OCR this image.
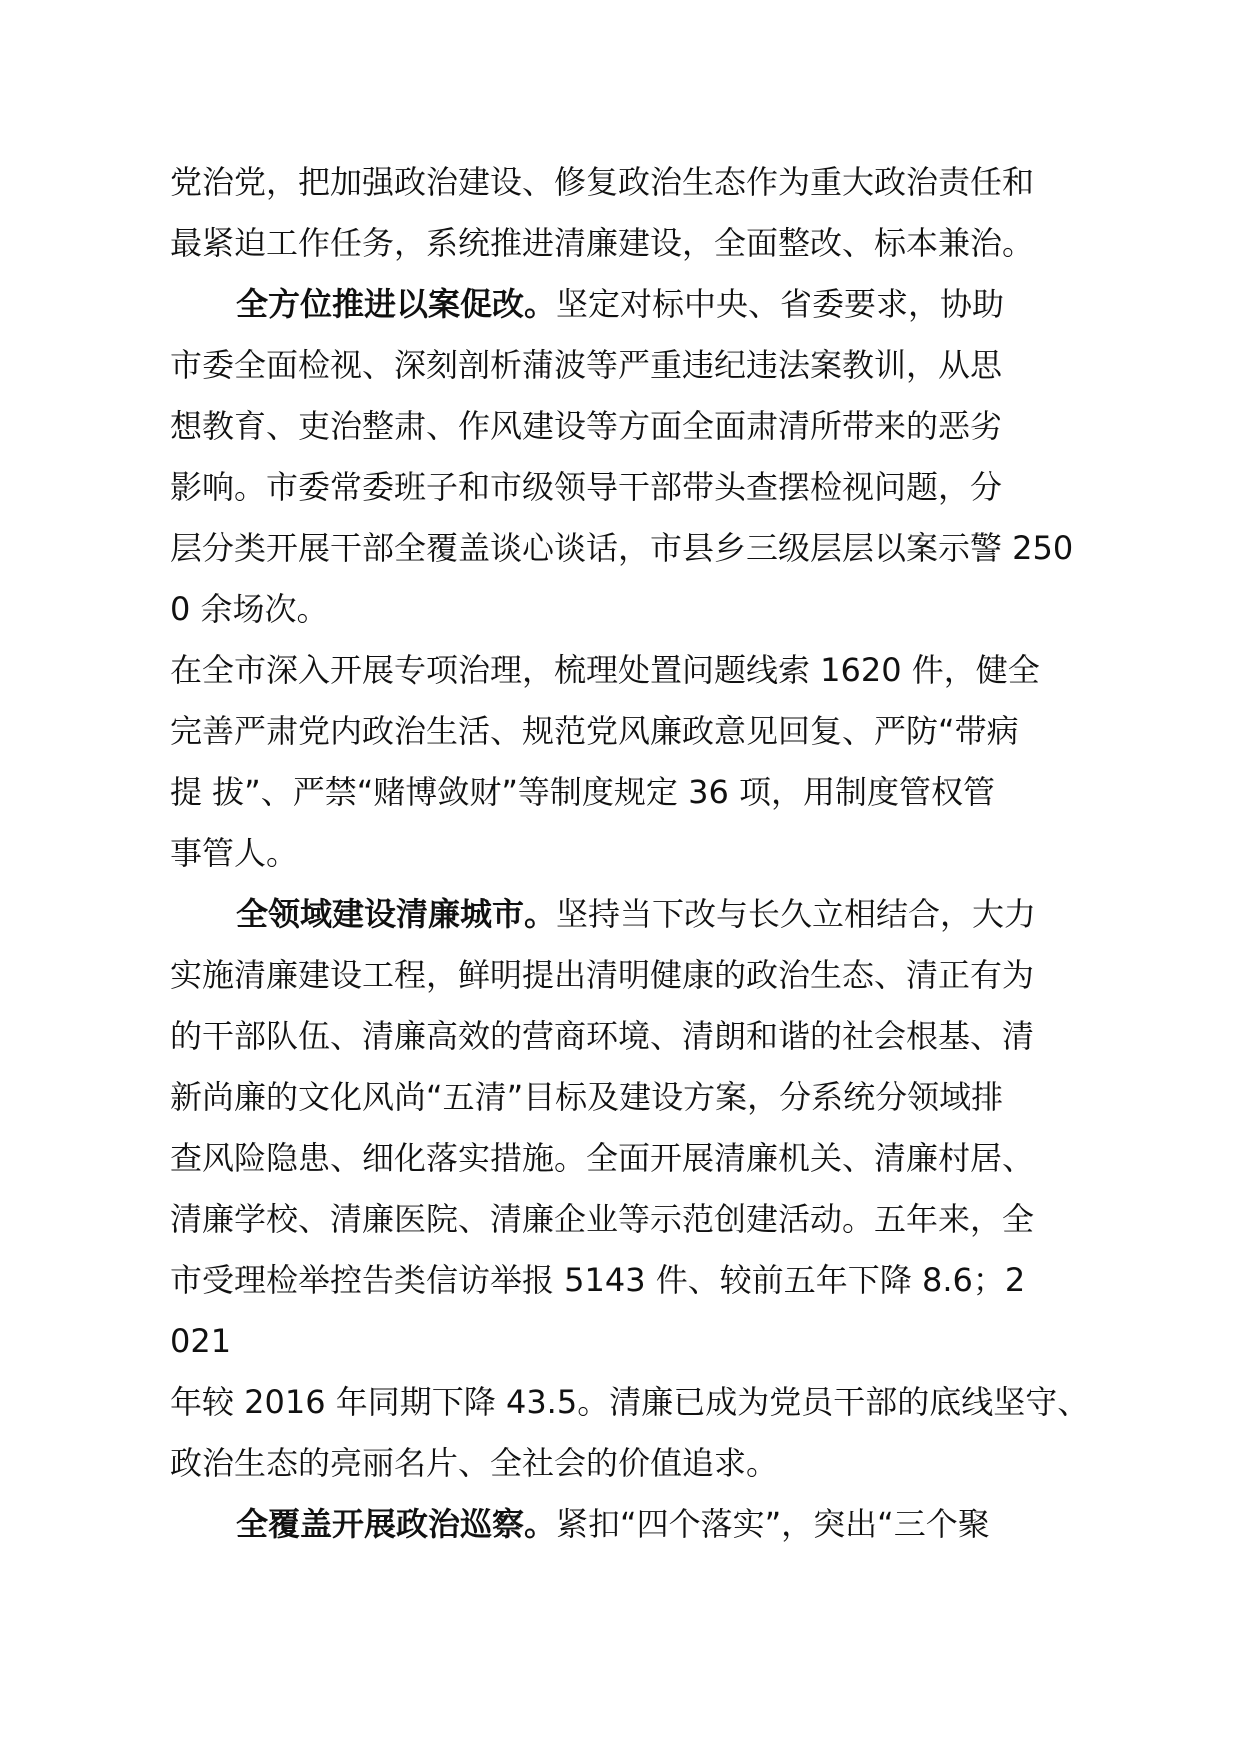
党治党，把加强政治建设、修复政治生态作为重大政治责任和
最紧迫工作任务，系统推进清廉建设，全面整改、标本兼治。
全方位推进以案促改。坚定对标中央、省委要求，协助
市委全面检视、深刻剖析蒲波等严重违纪违法案教训，从思
想教育、吏治整肃、作风建设等方面全面肃清所带来的恶劣
影响。市委常委班子和市级领导干部带头查摆检视问题，分
层分类开展干部全覆盖谈心谈话，市县乡三级层层以案示警 250
0 余场次。
在全市深入开展专项治理，梳理处置问题线索 1620 件，健全
完善严肃党内政治生活、规范党风廉政意见回复、严防“带病
提 拔”、严禁“赌博敛财”等制度规定 36 项，用制度管权管
事管人。
全领域建设清廉城市。坚持当下改与长久立相结合，大力
实施清廉建设工程，鲜明提出清明健康的政治生态、清正有为
的干部队伍、清廉高效的营商环境、清朗和谐的社会根基、清
新尚廉的文化风尚“五清”目标及建设方案，分系统分领域排
查风险隐患、细化落实措施。全面开展清廉机关、清廉村居、
清廉学校、清廉医院、清廉企业等示范创建活动。五年来，全
市受理检举控告类信访举报 5143 件、较前五年下降 8.6；2
021
年较 2016 年同期下降 43.5。清廉已成为党员干部的底线坚守、
政治生态的亮丽名片、全社会的价值追求。
全覆盖开展政治巡察。紧扣“四个落实”，突出“三个聚
